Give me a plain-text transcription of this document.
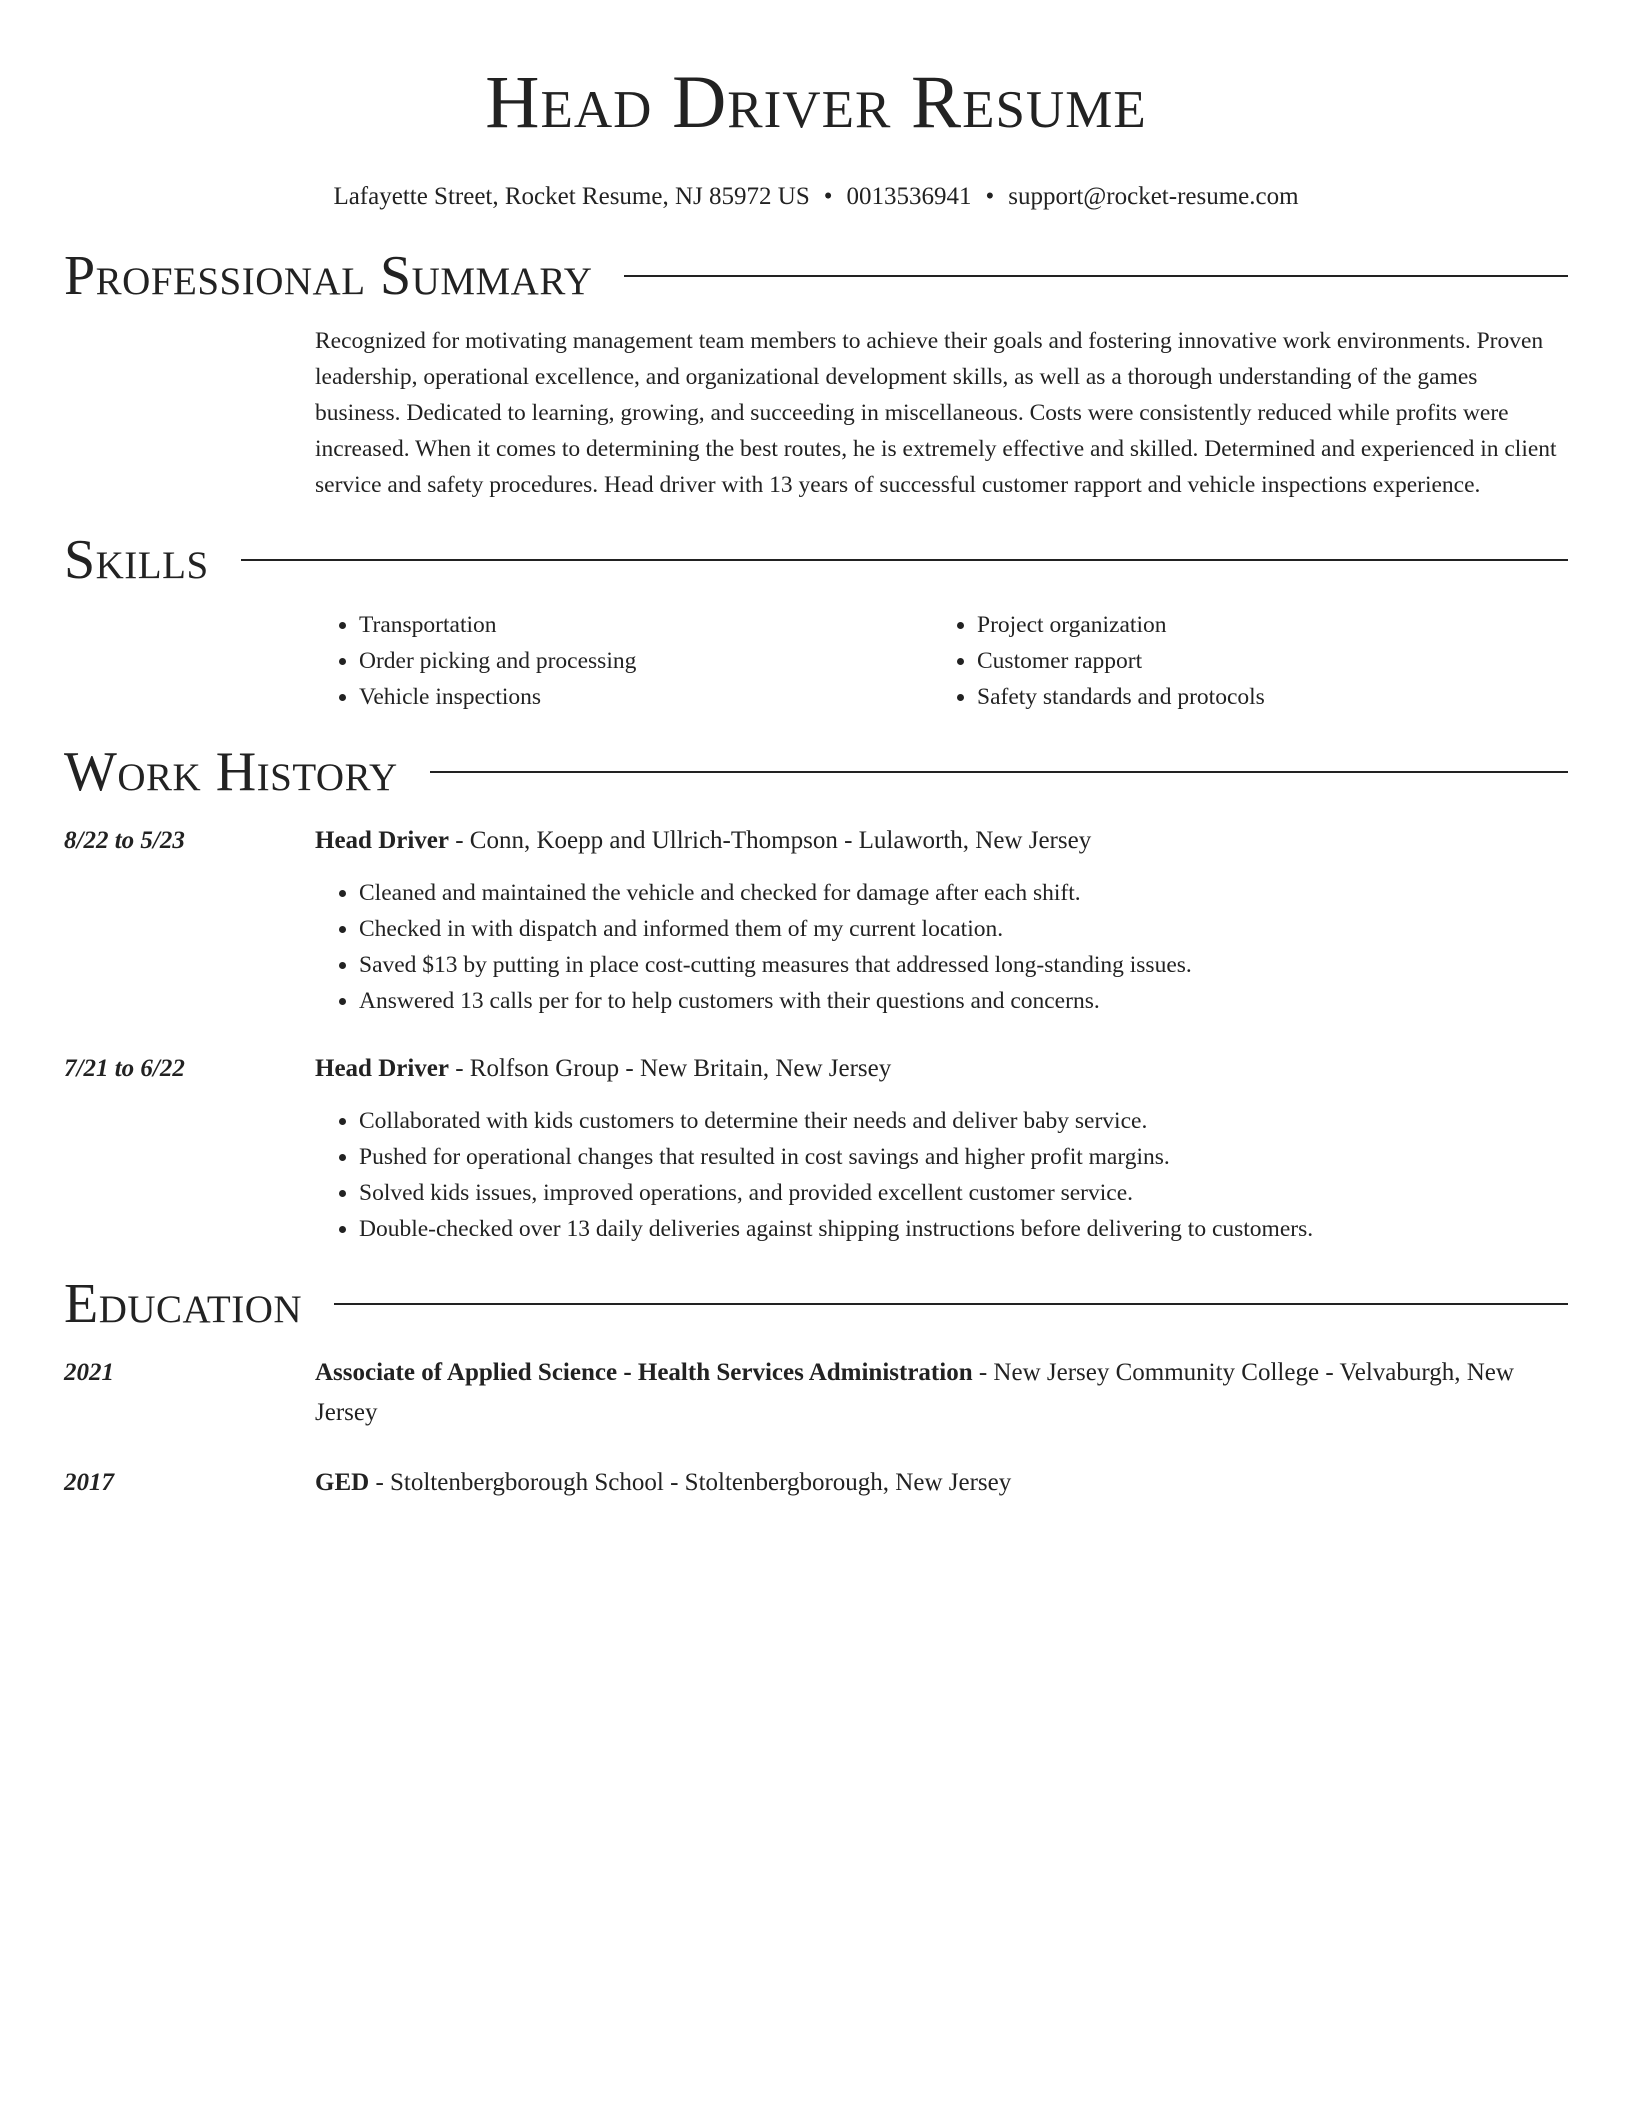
Head Driver Resume
Lafayette Street, Rocket Resume, NJ 85972 US • 0013536941 • support@rocket-resume.com
Professional Summary

Recognized for motivating management team members to achieve their goals and fostering innovative work environments. Proven leadership, operational excellence, and organizational development skills, as well as a thorough understanding of the games business. Dedicated to learning, growing, and succeeding in miscellaneous. Costs were consistently reduced while profits were increased. When it comes to determining the best routes, he is extremely effective and skilled. Determined and experienced in client service and safety procedures. Head driver with 13 years of successful customer rapport and vehicle inspections experience.

Skills
• Transportation
• Order picking and processing
• Vehicle inspections
• Project organization
• Customer rapport
• Safety standards and protocols
Work History
8/22 to 5/23	Head Driver - Conn, Koepp and Ullrich-Thompson - Lulaworth, New Jersey
• Cleaned and maintained the vehicle and checked for damage after each shift.
• Checked in with dispatch and informed them of my current location.
• Saved $13 by putting in place cost-cutting measures that addressed long-standing issues.
• Answered 13 calls per for to help customers with their questions and concerns.
7/21 to 6/22	Head Driver - Rolfson Group - New Britain, New Jersey
• Collaborated with kids customers to determine their needs and deliver baby service.
• Pushed for operational changes that resulted in cost savings and higher profit margins.
• Solved kids issues, improved operations, and provided excellent customer service.
• Double-checked over 13 daily deliveries against shipping instructions before delivering to customers.
Education
2021	Associate of Applied Science - Health Services Administration - New Jersey Community College - Velvaburgh, New Jersey
2017	GED - Stoltenbergborough School - Stoltenbergborough, New Jersey
